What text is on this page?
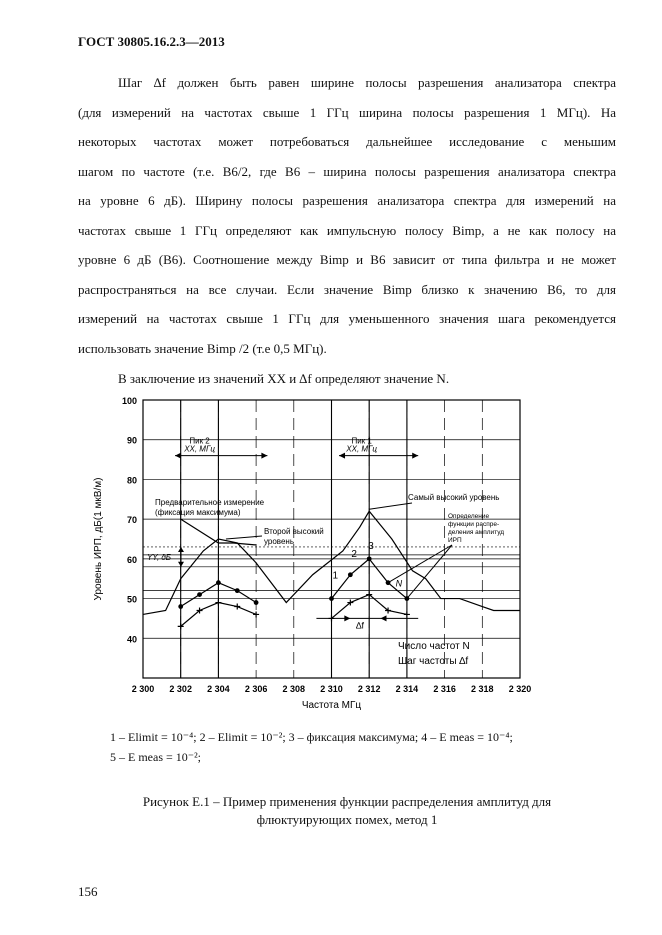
ГОСТ 30805.16.2.3—2013
Шаг ∆f должен быть равен ширине полосы разрешения анализатора спектра
(для измерений на частотах свыше 1 ГГц ширина полосы разрешения 1 МГц). На
некоторых частотах может потребоваться дальнейшее исследование с меньшим
шагом по частоте (т.е. B6/2, где B6 – ширина полосы разрешения анализатора спектра
на уровне 6 дБ). Ширину полосы разрешения анализатора спектра для измерений на
частотах свыше 1 ГГц определяют как импульсную полосу Bimp, а не как полосу на
уровне 6 дБ (B6). Соотношение между Bimp и B6 зависит от типа фильтра и не может
распространяться на все случаи. Если значение Bimp близко к значению B6, то для
измерений на частотах свыше 1 ГГц для уменьшенного значения шага рекомендуется
использовать значение Bimp /2 (т.е 0,5 МГц).
В заключение из значений XX и ∆f определяют значение N.
100
90
80
70
60
50
40
2 300 2 302 2 304 2 306 2 308 2 310 2 312 2 314 2 316 2 318 2 320
Частота МГц
Уровень ИРП, дБ(1 мкВ/м)
Пик 2
XX, МГц
Пик 1
XX, МГц
1
2
3
Предварительное измерение
(фиксация максимума)
Второй высокий
уровень
Самый высокий уровень
Определение
функции распре-
деления амплитуд
ИРП
YY, дБ
N
∆f
Число частот N
Шаг частоты ∆f
1 – Elimit = 10⁻⁴; 2 – Elimit = 10⁻²; 3 – фиксация максимума; 4 – E meas = 10⁻⁴;
5 – E meas = 10⁻²;
Рисунок Е.1 – Пример применения функции распределения амплитуд для
флюктуирующих помех, метод 1
156
